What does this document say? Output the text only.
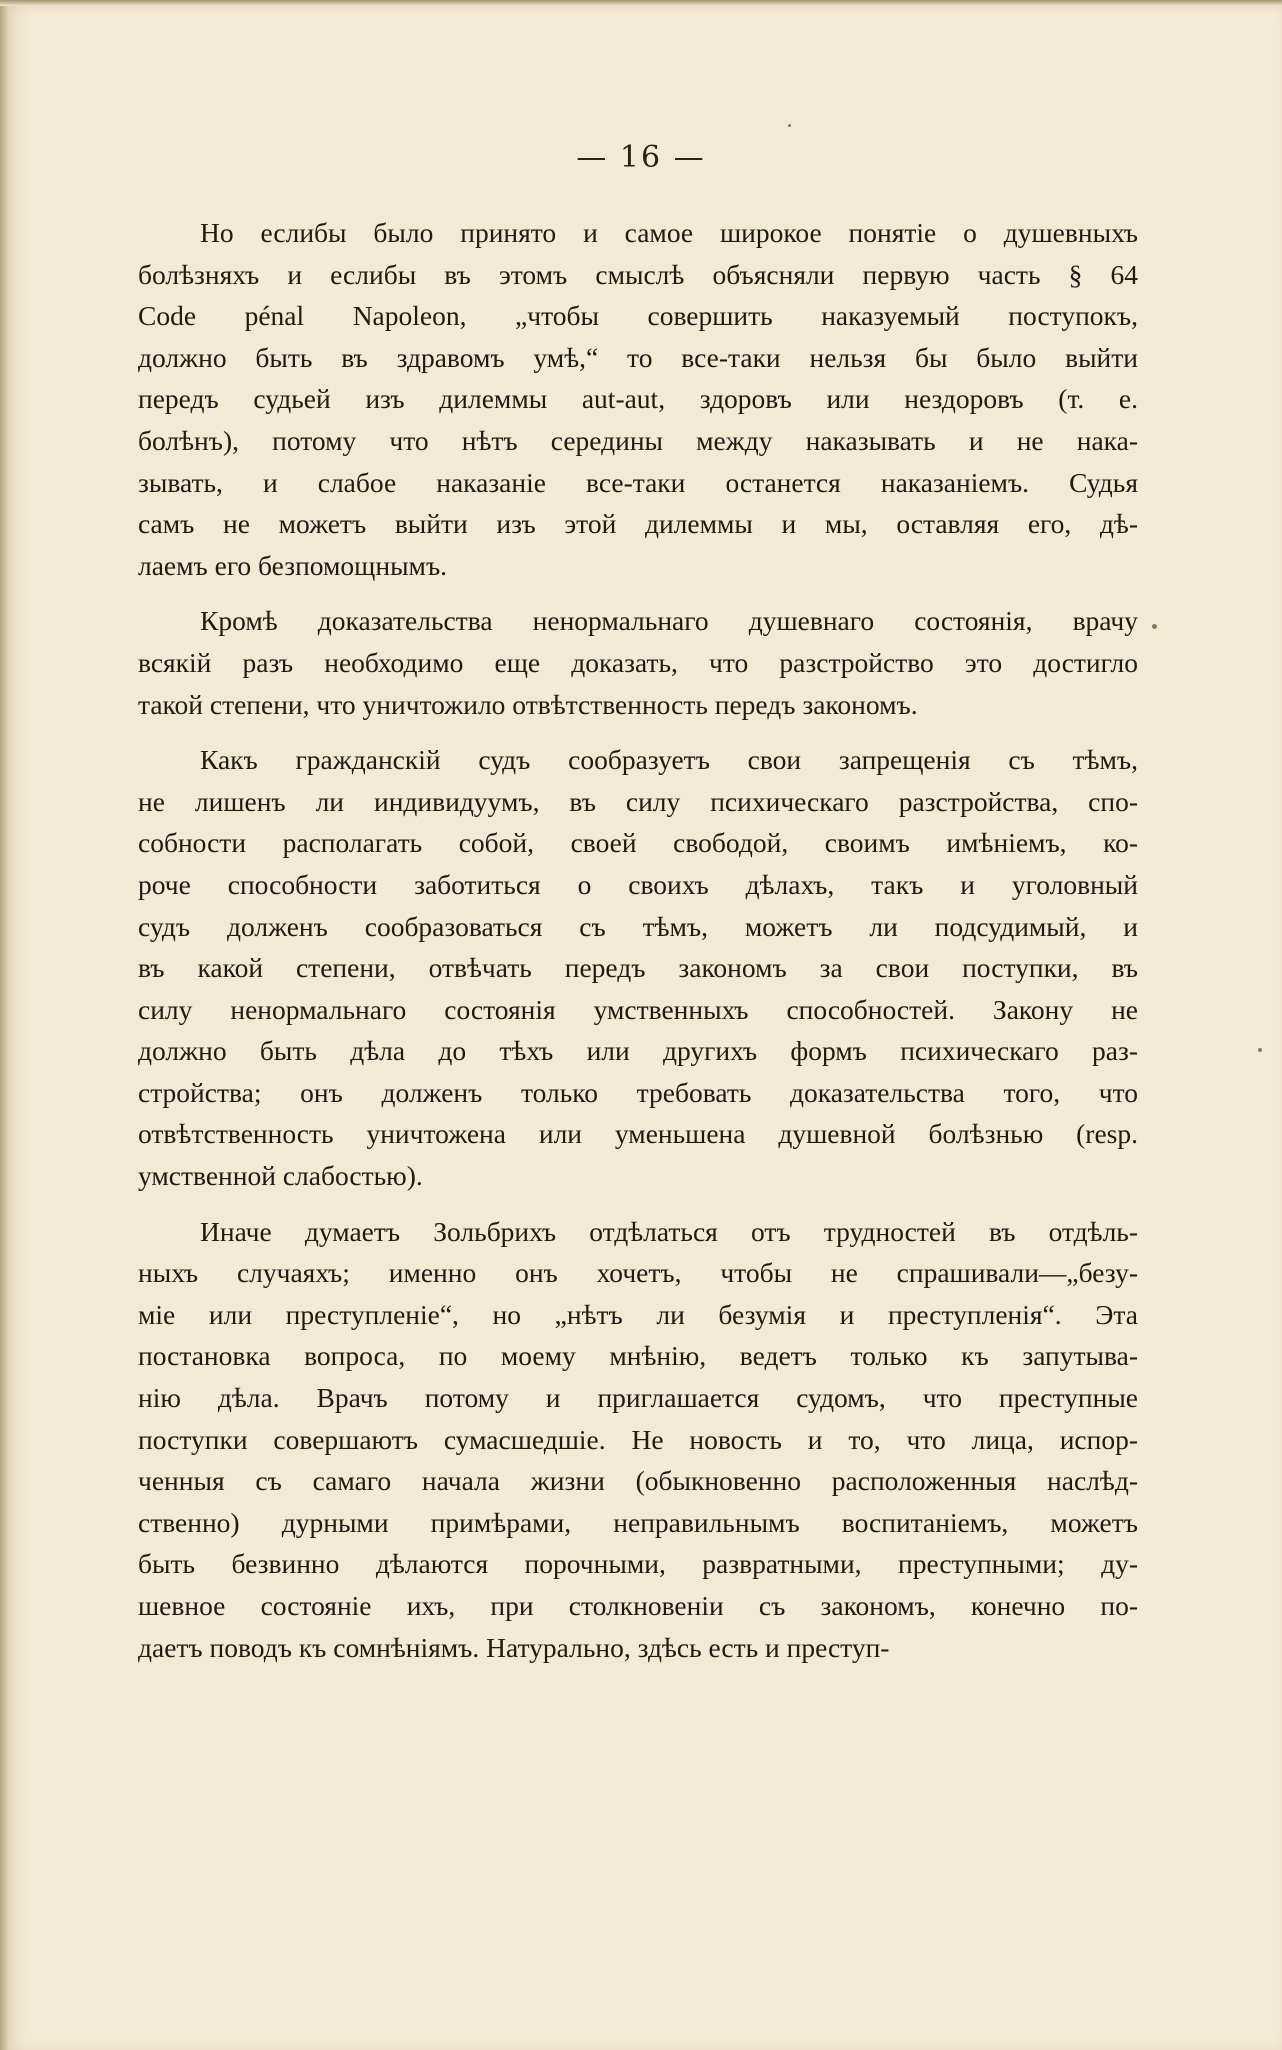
— 16 —
Но еслибы было принято и самое широкое понятіе о душевныхъ
болѣзняхъ и еслибы въ этомъ смыслѣ объясняли первую часть § 64
Code pénal Napoleon, „чтобы совершить наказуемый поступокъ,
должно быть въ здравомъ умѣ,“ то все-таки нельзя бы было выйти
передъ судьей изъ дилеммы aut-aut, здоровъ или нездоровъ (т. е.
болѣнъ), потому что нѣтъ середины между наказывать и не нака-
зывать, и слабое наказаніе все-таки останется наказаніемъ. Судья
самъ не можетъ выйти изъ этой дилеммы и мы, оставляя его, дѣ-
лаемъ его безпомощнымъ.
Кромѣ доказательства ненормальнаго душевнаго состоянія, врачу
всякій разъ необходимо еще доказать, что разстройство это достигло
такой степени, что уничтожило отвѣтственность передъ закономъ.
Какъ гражданскій судъ сообразуетъ свои запрещенія съ тѣмъ,
не лишенъ ли индивидуумъ, въ силу психическаго разстройства, спо-
собности располагать собой, своей свободой, своимъ имѣніемъ, ко-
роче способности заботиться о своихъ дѣлахъ, такъ и уголовный
судъ долженъ сообразоваться съ тѣмъ, можетъ ли подсудимый, и
въ какой степени, отвѣчать передъ закономъ за свои поступки, въ
силу ненормальнаго состоянія умственныхъ способностей. Закону не
должно быть дѣла до тѣхъ или другихъ формъ психическаго раз-
стройства; онъ долженъ только требовать доказательства того, что
отвѣтственность уничтожена или уменьшена душевной болѣзнью (resp.
умственной слабостью).
Иначе думаетъ Зольбрихъ отдѣлаться отъ трудностей въ отдѣль-
ныхъ случаяхъ; именно онъ хочетъ, чтобы не спрашивали—„безу-
міе или преступленіе“, но „нѣтъ ли безумія и преступленія“. Эта
постановка вопроса, по моему мнѣнію, ведетъ только къ запутыва-
нію дѣла. Врачъ потому и приглашается судомъ, что преступные
поступки совершаютъ сумасшедшіе. Не новость и то, что лица, испор-
ченныя съ самаго начала жизни (обыкновенно расположенныя наслѣд-
ственно) дурными примѣрами, неправильнымъ воспитаніемъ, можетъ
быть безвинно дѣлаются порочными, развратными, преступными; ду-
шевное состояніе ихъ, при столкновеніи съ закономъ, конечно по-
даетъ поводъ къ сомнѣніямъ. Натурально, здѣсь есть и преступ-
